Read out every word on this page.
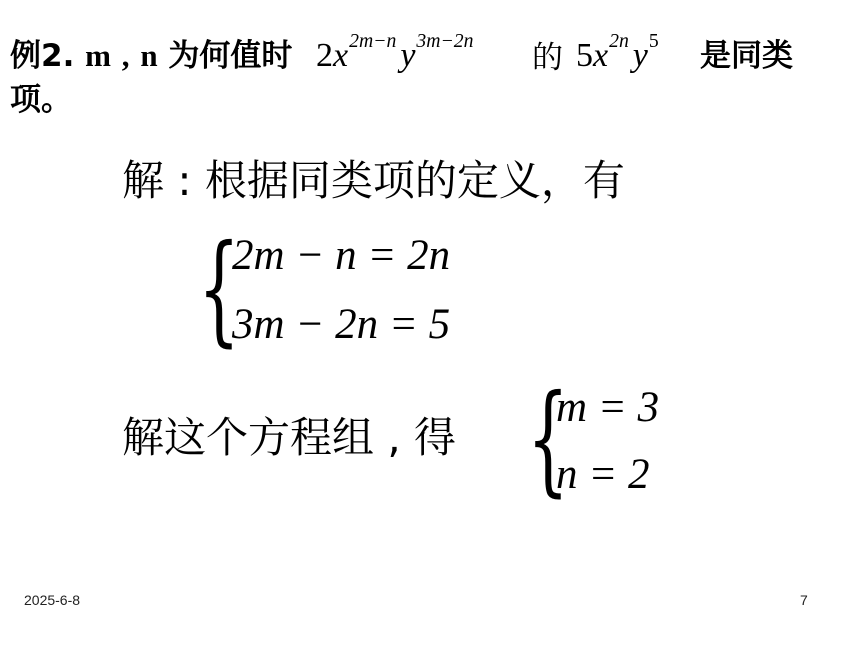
例2. m , n 为何值时 $2x^{2m-n}$ $y^{3m-2n}$ 的 $5x^{2n}$ $y^5$ 是同类
项。
解 : 根据同类项的定义，有
{
2m − n = 2n
3m − 2n = 5
解这个方程组 , 得 {
m = 3
n = 2
2025-6-8	7
